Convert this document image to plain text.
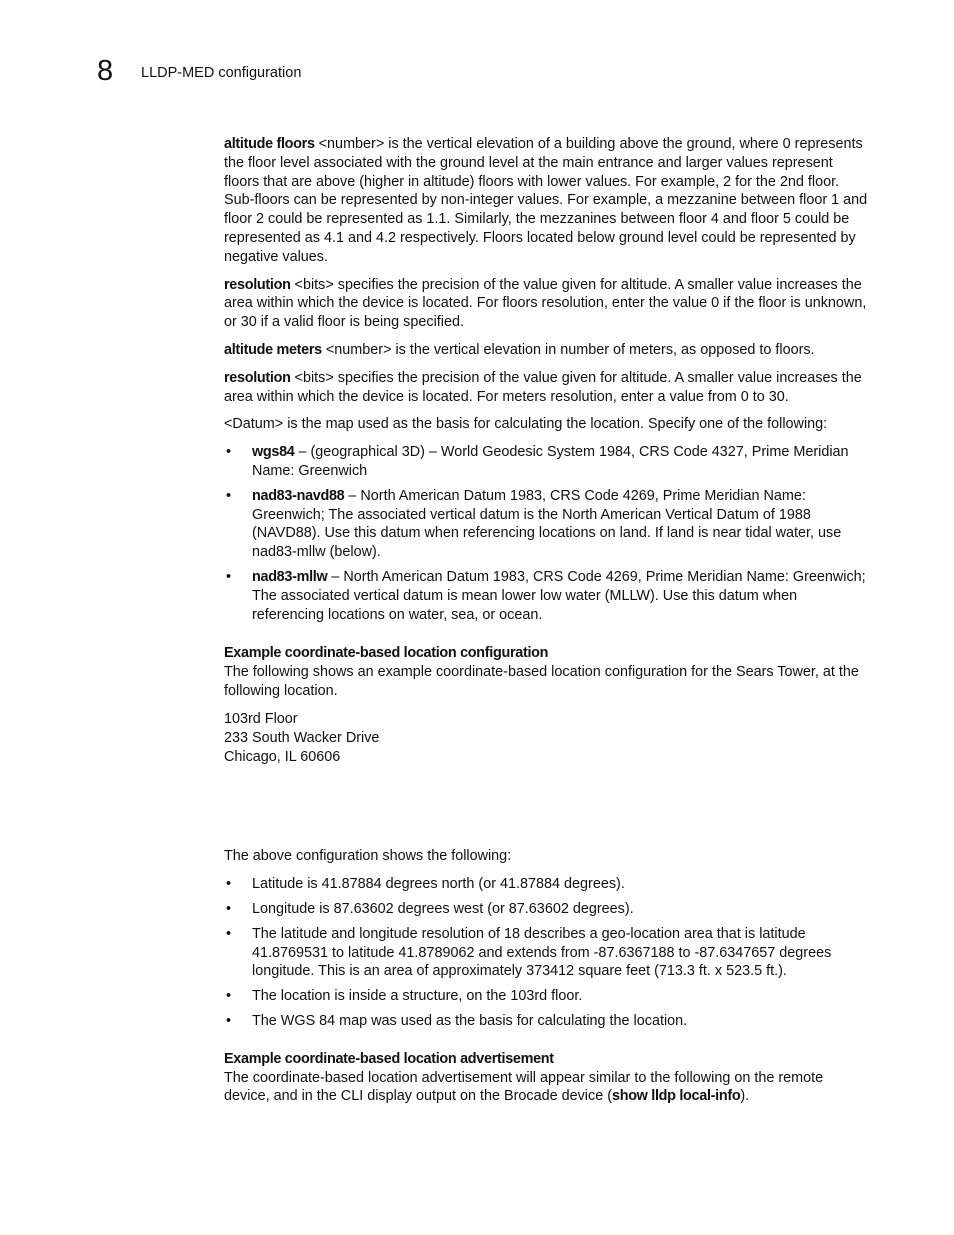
8 LLDP-MED configuration

altitude floors <number> is the vertical elevation of a building above the ground, where 0 represents the floor level associated with the ground level at the main entrance and larger values represent floors that are above (higher in altitude) floors with lower values. For example, 2 for the 2nd floor. Sub-floors can be represented by non-integer values. For example, a mezzanine between floor 1 and floor 2 could be represented as 1.1. Similarly, the mezzanines between floor 4 and floor 5 could be represented as 4.1 and 4.2 respectively. Floors located below ground level could be represented by negative values.

resolution <bits> specifies the precision of the value given for altitude. A smaller value increases the area within which the device is located. For floors resolution, enter the value 0 if the floor is unknown, or 30 if a valid floor is being specified.

altitude meters <number> is the vertical elevation in number of meters, as opposed to floors.

resolution <bits> specifies the precision of the value given for altitude. A smaller value increases the area within which the device is located. For meters resolution, enter a value from 0 to 30.

<Datum> is the map used as the basis for calculating the location. Specify one of the following:

• wgs84 – (geographical 3D) – World Geodesic System 1984, CRS Code 4327, Prime Meridian Name: Greenwich
• nad83-navd88 – North American Datum 1983, CRS Code 4269, Prime Meridian Name: Greenwich; The associated vertical datum is the North American Vertical Datum of 1988 (NAVD88). Use this datum when referencing locations on land. If land is near tidal water, use nad83-mllw (below).
• nad83-mllw – North American Datum 1983, CRS Code 4269, Prime Meridian Name: Greenwich; The associated vertical datum is mean lower low water (MLLW). Use this datum when referencing locations on water, sea, or ocean.
Example coordinate-based location configuration

The following shows an example coordinate-based location configuration for the Sears Tower, at the following location.

103rd Floor
233 South Wacker Drive
Chicago, IL 60606

The above configuration shows the following:

• Latitude is 41.87884 degrees north (or 41.87884 degrees).
• Longitude is 87.63602 degrees west (or 87.63602 degrees).
• The latitude and longitude resolution of 18 describes a geo-location area that is latitude 41.8769531 to latitude 41.8789062 and extends from -87.6367188 to -87.6347657 degrees longitude. This is an area of approximately 373412 square feet (713.3 ft. x 523.5 ft.).
• The location is inside a structure, on the 103rd floor.
• The WGS 84 map was used as the basis for calculating the location.
Example coordinate-based location advertisement

The coordinate-based location advertisement will appear similar to the following on the remote device, and in the CLI display output on the Brocade device (show lldp local-info).
